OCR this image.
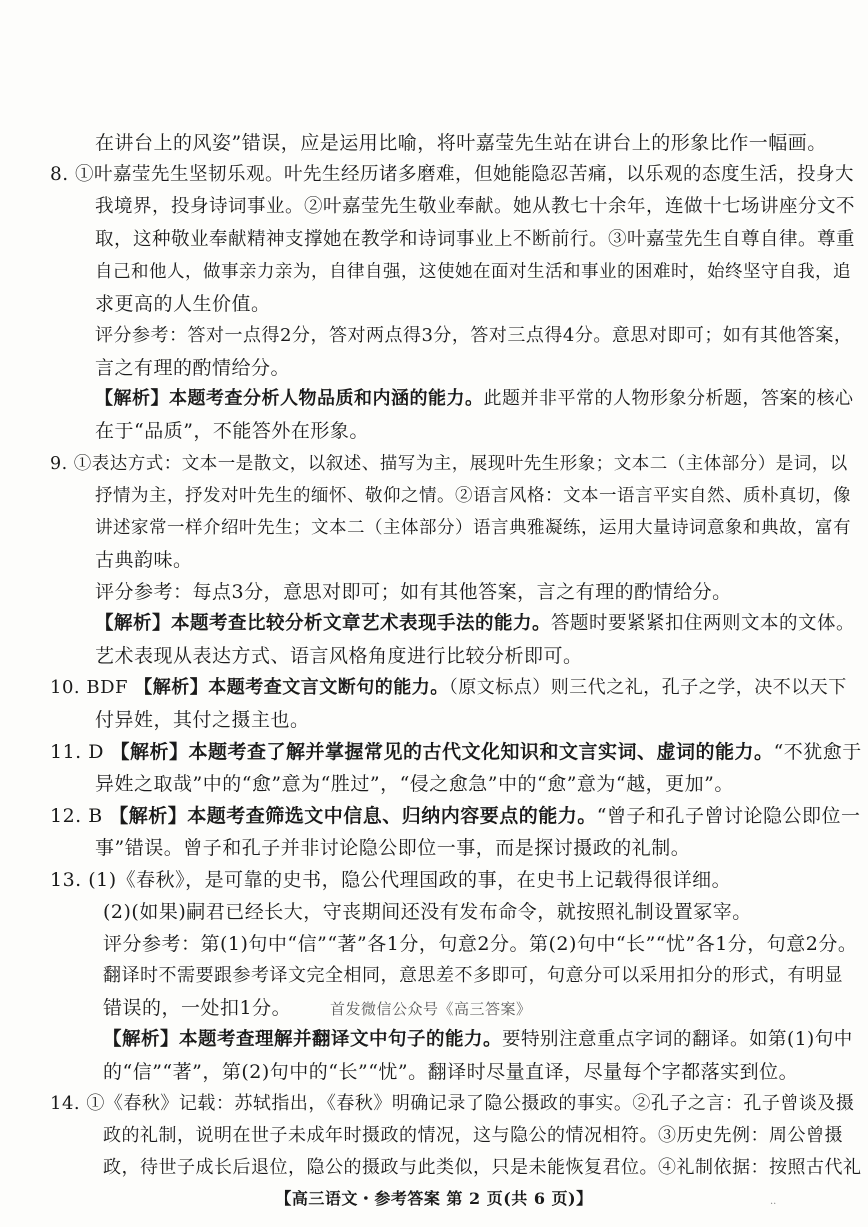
在讲台上的风姿”错误，应是运用比喻，将叶嘉莹先生站在讲台上的形象比作一幅画。
8. ①叶嘉莹先生坚韧乐观。叶先生经历诸多磨难，但她能隐忍苦痛，以乐观的态度生活，投身大
我境界，投身诗词事业。②叶嘉莹先生敬业奉献。她从教七十余年，连做十七场讲座分文不
取，这种敬业奉献精神支撑她在教学和诗词事业上不断前行。③叶嘉莹先生自尊自律。尊重
自己和他人，做事亲力亲为，自律自强，这使她在面对生活和事业的困难时，始终坚守自我，追
求更高的人生价值。
评分参考：答对一点得2分，答对两点得3分，答对三点得4分。意思对即可；如有其他答案，
言之有理的酌情给分。
【解析】本题考查分析人物品质和内涵的能力。此题并非平常的人物形象分析题，答案的核心
在于“品质”，不能答外在形象。
9. ①表达方式：文本一是散文，以叙述、描写为主，展现叶先生形象；文本二（主体部分）是词，以
抒情为主，抒发对叶先生的缅怀、敬仰之情。②语言风格：文本一语言平实自然、质朴真切，像
讲述家常一样介绍叶先生；文本二（主体部分）语言典雅凝练，运用大量诗词意象和典故，富有
古典韵味。
评分参考：每点3分，意思对即可；如有其他答案，言之有理的酌情给分。
【解析】本题考查比较分析文章艺术表现手法的能力。答题时要紧紧扣住两则文本的文体。
艺术表现从表达方式、语言风格角度进行比较分析即可。
10. BDF 【解析】本题考查文言文断句的能力。（原文标点）则三代之礼，孔子之学，决不以天下
付异姓，其付之摄主也。
11. D 【解析】本题考查了解并掌握常见的古代文化知识和文言实词、虚词的能力。“不犹愈于
异姓之取哉”中的“愈”意为“胜过”，“侵之愈急”中的“愈”意为“越，更加”。
12. B 【解析】本题考查筛选文中信息、归纳内容要点的能力。“曾子和孔子曾讨论隐公即位一
事”错误。曾子和孔子并非讨论隐公即位一事，而是探讨摄政的礼制。
13. (1)《春秋》，是可靠的史书，隐公代理国政的事，在史书上记载得很详细。
(2)(如果)嗣君已经长大，守丧期间还没有发布命令，就按照礼制设置冢宰。
评分参考：第(1)句中“信”“著”各1分，句意2分。第(2)句中“长”“忧”各1分，句意2分。
翻译时不需要跟参考译文完全相同，意思差不多即可，句意分可以采用扣分的形式，有明显
错误的，一处扣1分。	首发微信公众号《高三答案》
【解析】本题考查理解并翻译文中句子的能力。要特别注意重点字词的翻译。如第(1)句中
的“信”“著”，第(2)句中的“长”“忧”。翻译时尽量直译，尽量每个字都落实到位。
14. ①《春秋》记载：苏轼指出，《春秋》明确记录了隐公摄政的事实。②孔子之言：孔子曾谈及摄
政的礼制，说明在世子未成年时摄政的情况，这与隐公的情况相符。③历史先例：周公曾摄
政，待世子成长后退位，隐公的摄政与此类似，只是未能恢复君位。④礼制依据：按照古代礼
【高三语文・参考答案 第 2 页(共 6 页)】	..
